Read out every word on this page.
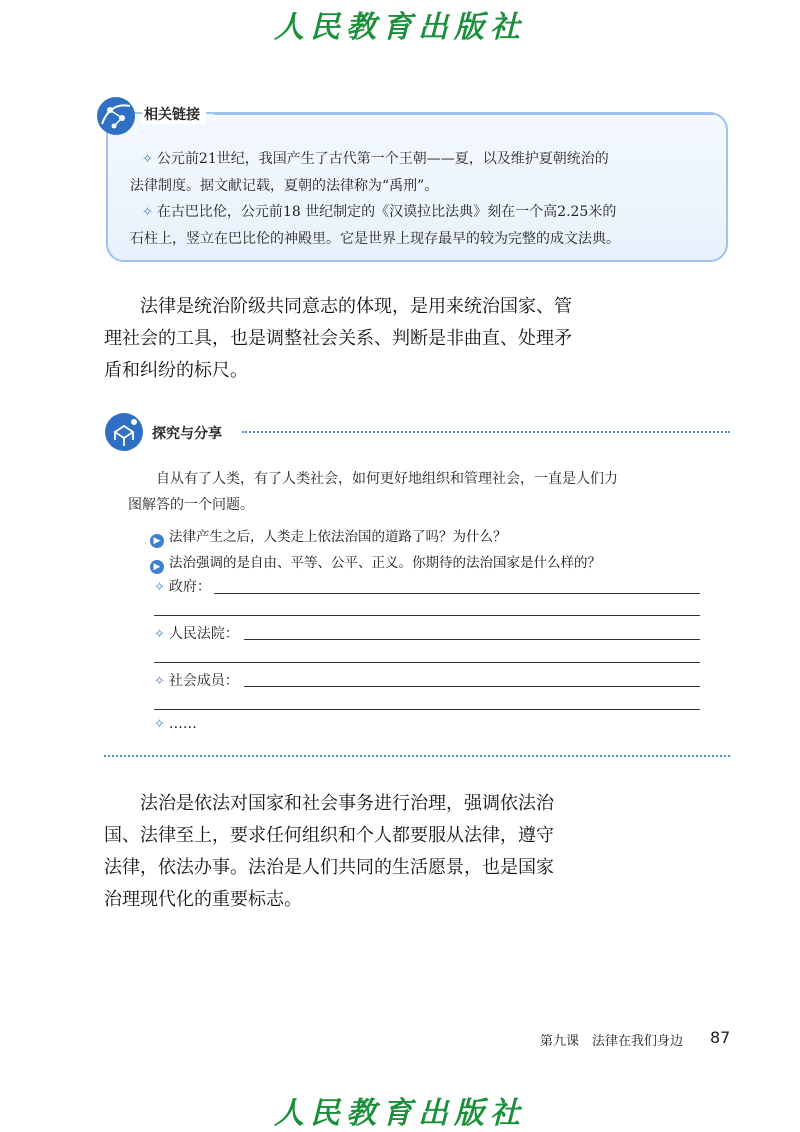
人民教育出版社
相关链接
✧ 公元前21世纪，我国产生了古代第一个王朝——夏，以及维护夏朝统治的
法律制度。据文献记载，夏朝的法律称为“禹刑”。
✧ 在古巴比伦，公元前18 世纪制定的《汉谟拉比法典》刻在一个高2.25米的
石柱上，竖立在巴比伦的神殿里。它是世界上现存最早的较为完整的成文法典。
法律是统治阶级共同意志的体现，是用来统治国家、管
理社会的工具，也是调整社会关系、判断是非曲直、处理矛
盾和纠纷的标尺。
探究与分享
自从有了人类，有了人类社会，如何更好地组织和管理社会，一直是人们力
图解答的一个问题。
▶ 法律产生之后，人类走上依法治国的道路了吗？为什么？
▶ 法治强调的是自由、平等、公平、正义。你期待的法治国家是什么样的？
✧ 政府：
✧ 人民法院：
✧ 社会成员：
✧ ……
法治是依法对国家和社会事务进行治理，强调依法治
国、法律至上，要求任何组织和个人都要服从法律，遵守
法律，依法办事。法治是人们共同的生活愿景，也是国家
治理现代化的重要标志。
第九课　法律在我们身边 87
人民教育出版社
